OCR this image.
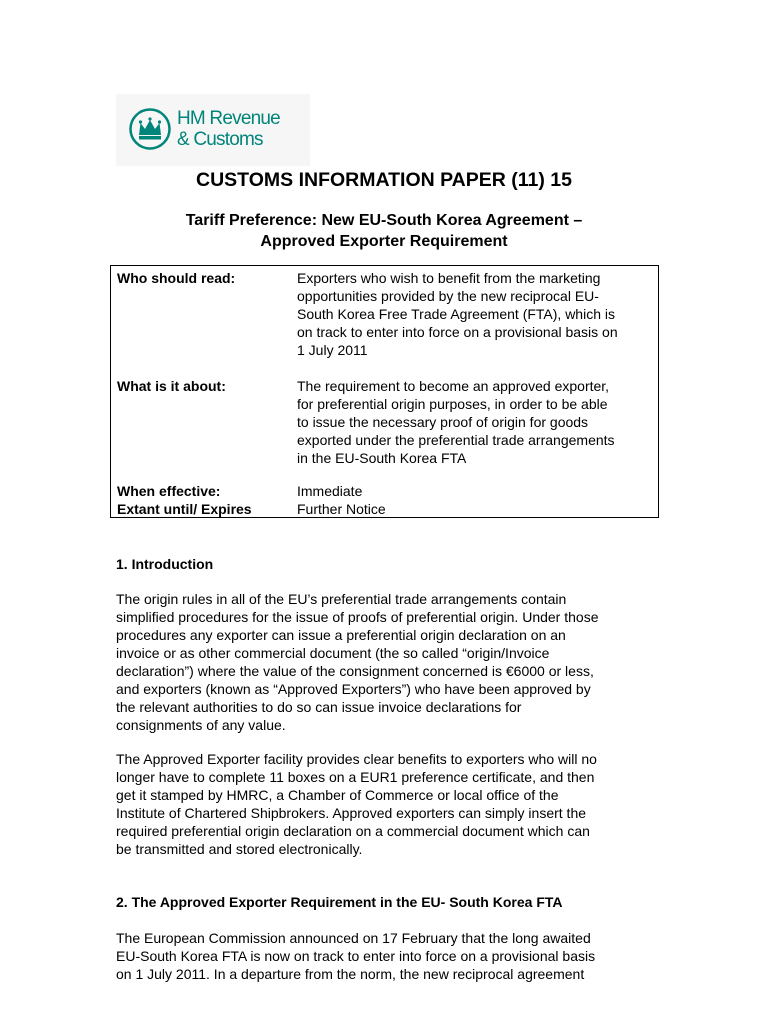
HM Revenue
& Customs
CUSTOMS INFORMATION PAPER (11) 15
Tariff Preference: New EU-South Korea Agreement –
Approved Exporter Requirement
Who should read:	Exporters who wish to benefit from the marketing
opportunities provided by the new reciprocal EU-
South Korea Free Trade Agreement (FTA), which is
on track to enter into force on a provisional basis on
1 July 2011
What is it about:	The requirement to become an approved exporter,
for preferential origin purposes, in order to be able
to issue the necessary proof of origin for goods
exported under the preferential trade arrangements
in the EU-South Korea FTA
When effective:	Immediate
Extant until/ Expires	Further Notice
1. Introduction
The origin rules in all of the EU’s preferential trade arrangements contain
simplified procedures for the issue of proofs of preferential origin. Under those
procedures any exporter can issue a preferential origin declaration on an
invoice or as other commercial document (the so called “origin/Invoice
declaration”) where the value of the consignment concerned is €6000 or less,
and exporters (known as “Approved Exporters”) who have been approved by
the relevant authorities to do so can issue invoice declarations for
consignments of any value.
The Approved Exporter facility provides clear benefits to exporters who will no
longer have to complete 11 boxes on a EUR1 preference certificate, and then
get it stamped by HMRC, a Chamber of Commerce or local office of the
Institute of Chartered Shipbrokers. Approved exporters can simply insert the
required preferential origin declaration on a commercial document which can
be transmitted and stored electronically.
2. The Approved Exporter Requirement in the EU- South Korea FTA
The European Commission announced on 17 February that the long awaited
EU-South Korea FTA is now on track to enter into force on a provisional basis
on 1 July 2011. In a departure from the norm, the new reciprocal agreement
